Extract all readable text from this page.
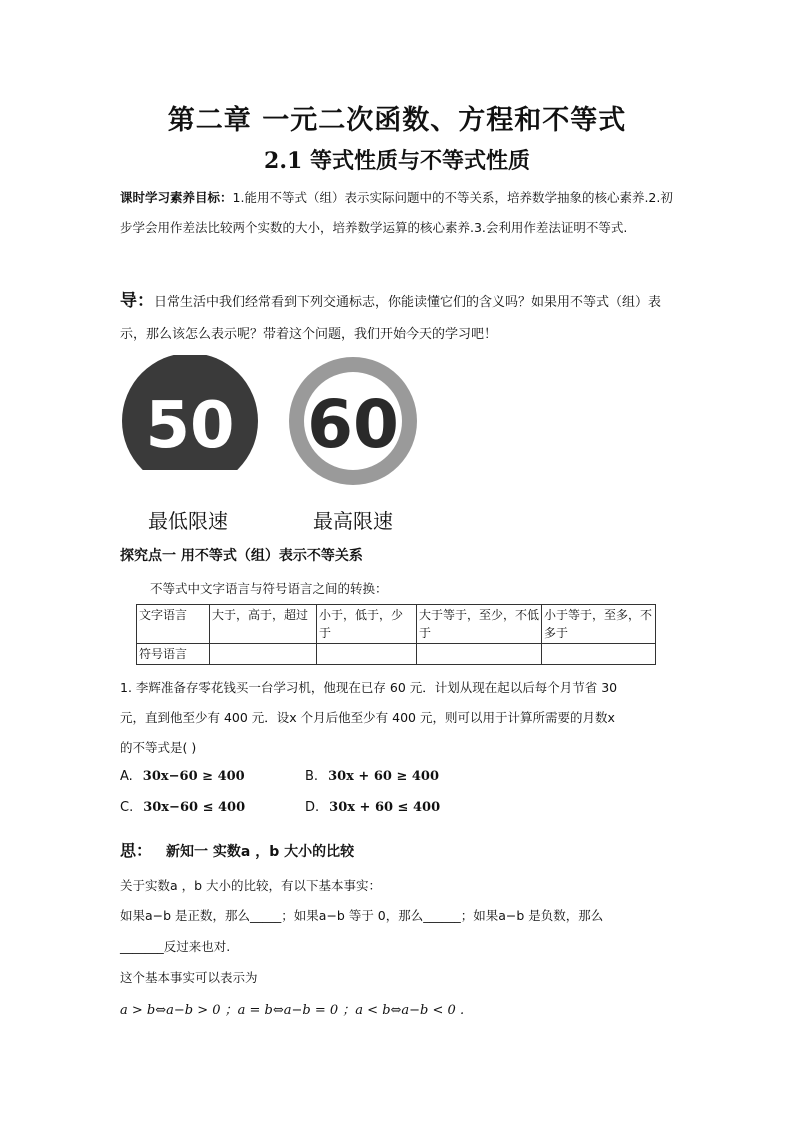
第二章 一元二次函数、方程和不等式
2.1 等式性质与不等式性质
课时学习素养目标：1.能用不等式（组）表示实际问题中的不等关系，培养数学抽象的核心素养.2.初步学会用作差法比较两个实数的大小，培养数学运算的核心素养.3.会利用作差法证明不等式.
导：日常生活中我们经常看到下列交通标志，你能读懂它们的含义吗？如果用不等式（组）表示，那么该怎么表示呢？带着这个问题，我们开始今天的学习吧！
50 60
最低限速	最高限速
探究点一 用不等式（组）表示不等关系
不等式中文字语言与符号语言之间的转换：
文字语言	大于，高于，超过	小于，低于，少于	大于等于，至少，不低于	小于等于，至多，不多于
符号语言				
1. 李辉准备存零花钱买一台学习机，他现在已存 60 元．计划从现在起以后每个月节省 30
元，直到他至少有 400 元．设x 个月后他至少有 400 元，则可以用于计算所需要的月数x
的不等式是( )
A. 30x−60 ≥ 400	B. 30x + 60 ≥ 400
C. 30x−60 ≤ 400	D. 30x + 60 ≤ 400
思： 新知一 实数a ，b 大小的比较
关于实数a ，b 大小的比较，有以下基本事实：
如果a−b 是正数，那么_____；如果a−b 等于 0，那么______；如果a−b 是负数，那么
_______反过来也对.
这个基本事实可以表示为
a > b⇔a−b > 0 ；a = b⇔a−b = 0 ；a < b⇔a−b < 0 .
